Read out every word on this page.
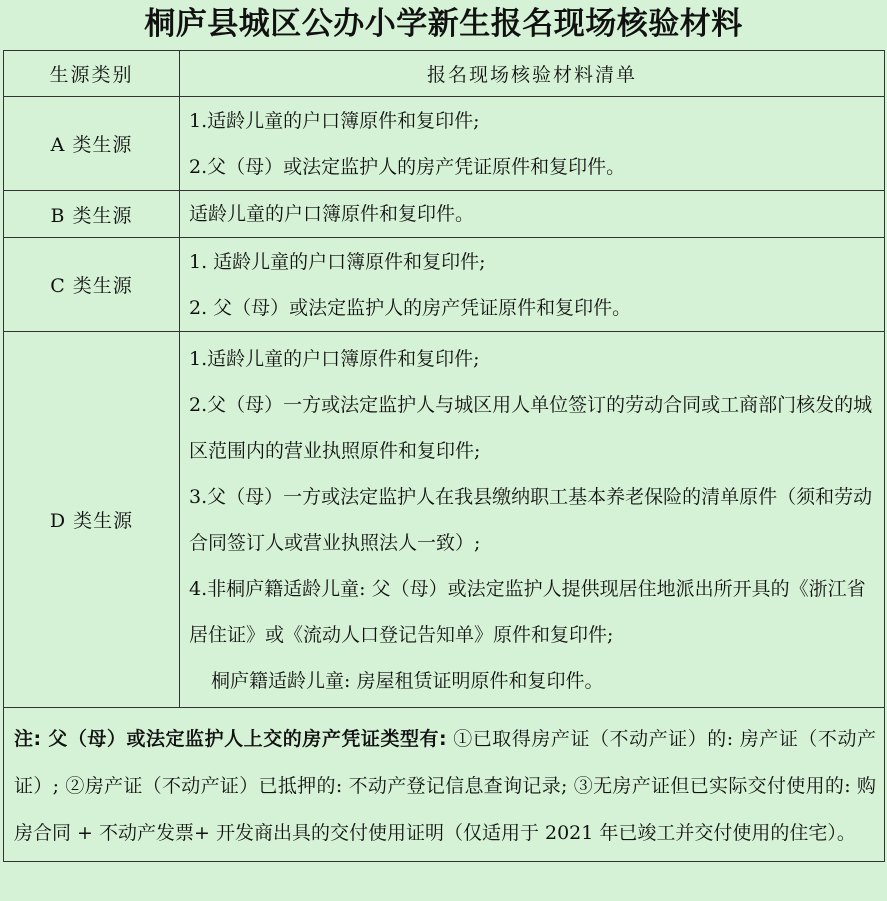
桐庐县城区公办小学新生报名现场核验材料
生源类别	报名现场核验材料清单
A 类生源	1.适龄儿童的户口簿原件和复印件;
2.父（母）或法定监护人的房产凭证原件和复印件。

B 类生源	适龄儿童的户口簿原件和复印件。

C 类生源	1. 适龄儿童的户口簿原件和复印件;
2. 父（母）或法定监护人的房产凭证原件和复印件。

D 类生源	1.适龄儿童的户口簿原件和复印件;
2.父（母）一方或法定监护人与城区用人单位签订的劳动合同或工商部门核发的城区范围内的营业执照原件和复印件;
3.父（母）一方或法定监护人在我县缴纳职工基本养老保险的清单原件（须和劳动合同签订人或营业执照法人一致）;
4.非桐庐籍适龄儿童: 父（母）或法定监护人提供现居住地派出所开具的《浙江省居住证》或《流动人口登记告知单》原件和复印件;
桐庐籍适龄儿童: 房屋租赁证明原件和复印件。

注: 父（母）或法定监护人上交的房产凭证类型有: ①已取得房产证（不动产证）的: 房产证（不动产证）; ②房产证（不动产证）已抵押的: 不动产登记信息查询记录; ③无房产证但已实际交付使用的: 购房合同 + 不动产发票+ 开发商出具的交付使用证明（仅适用于 2021 年已竣工并交付使用的住宅）。	
